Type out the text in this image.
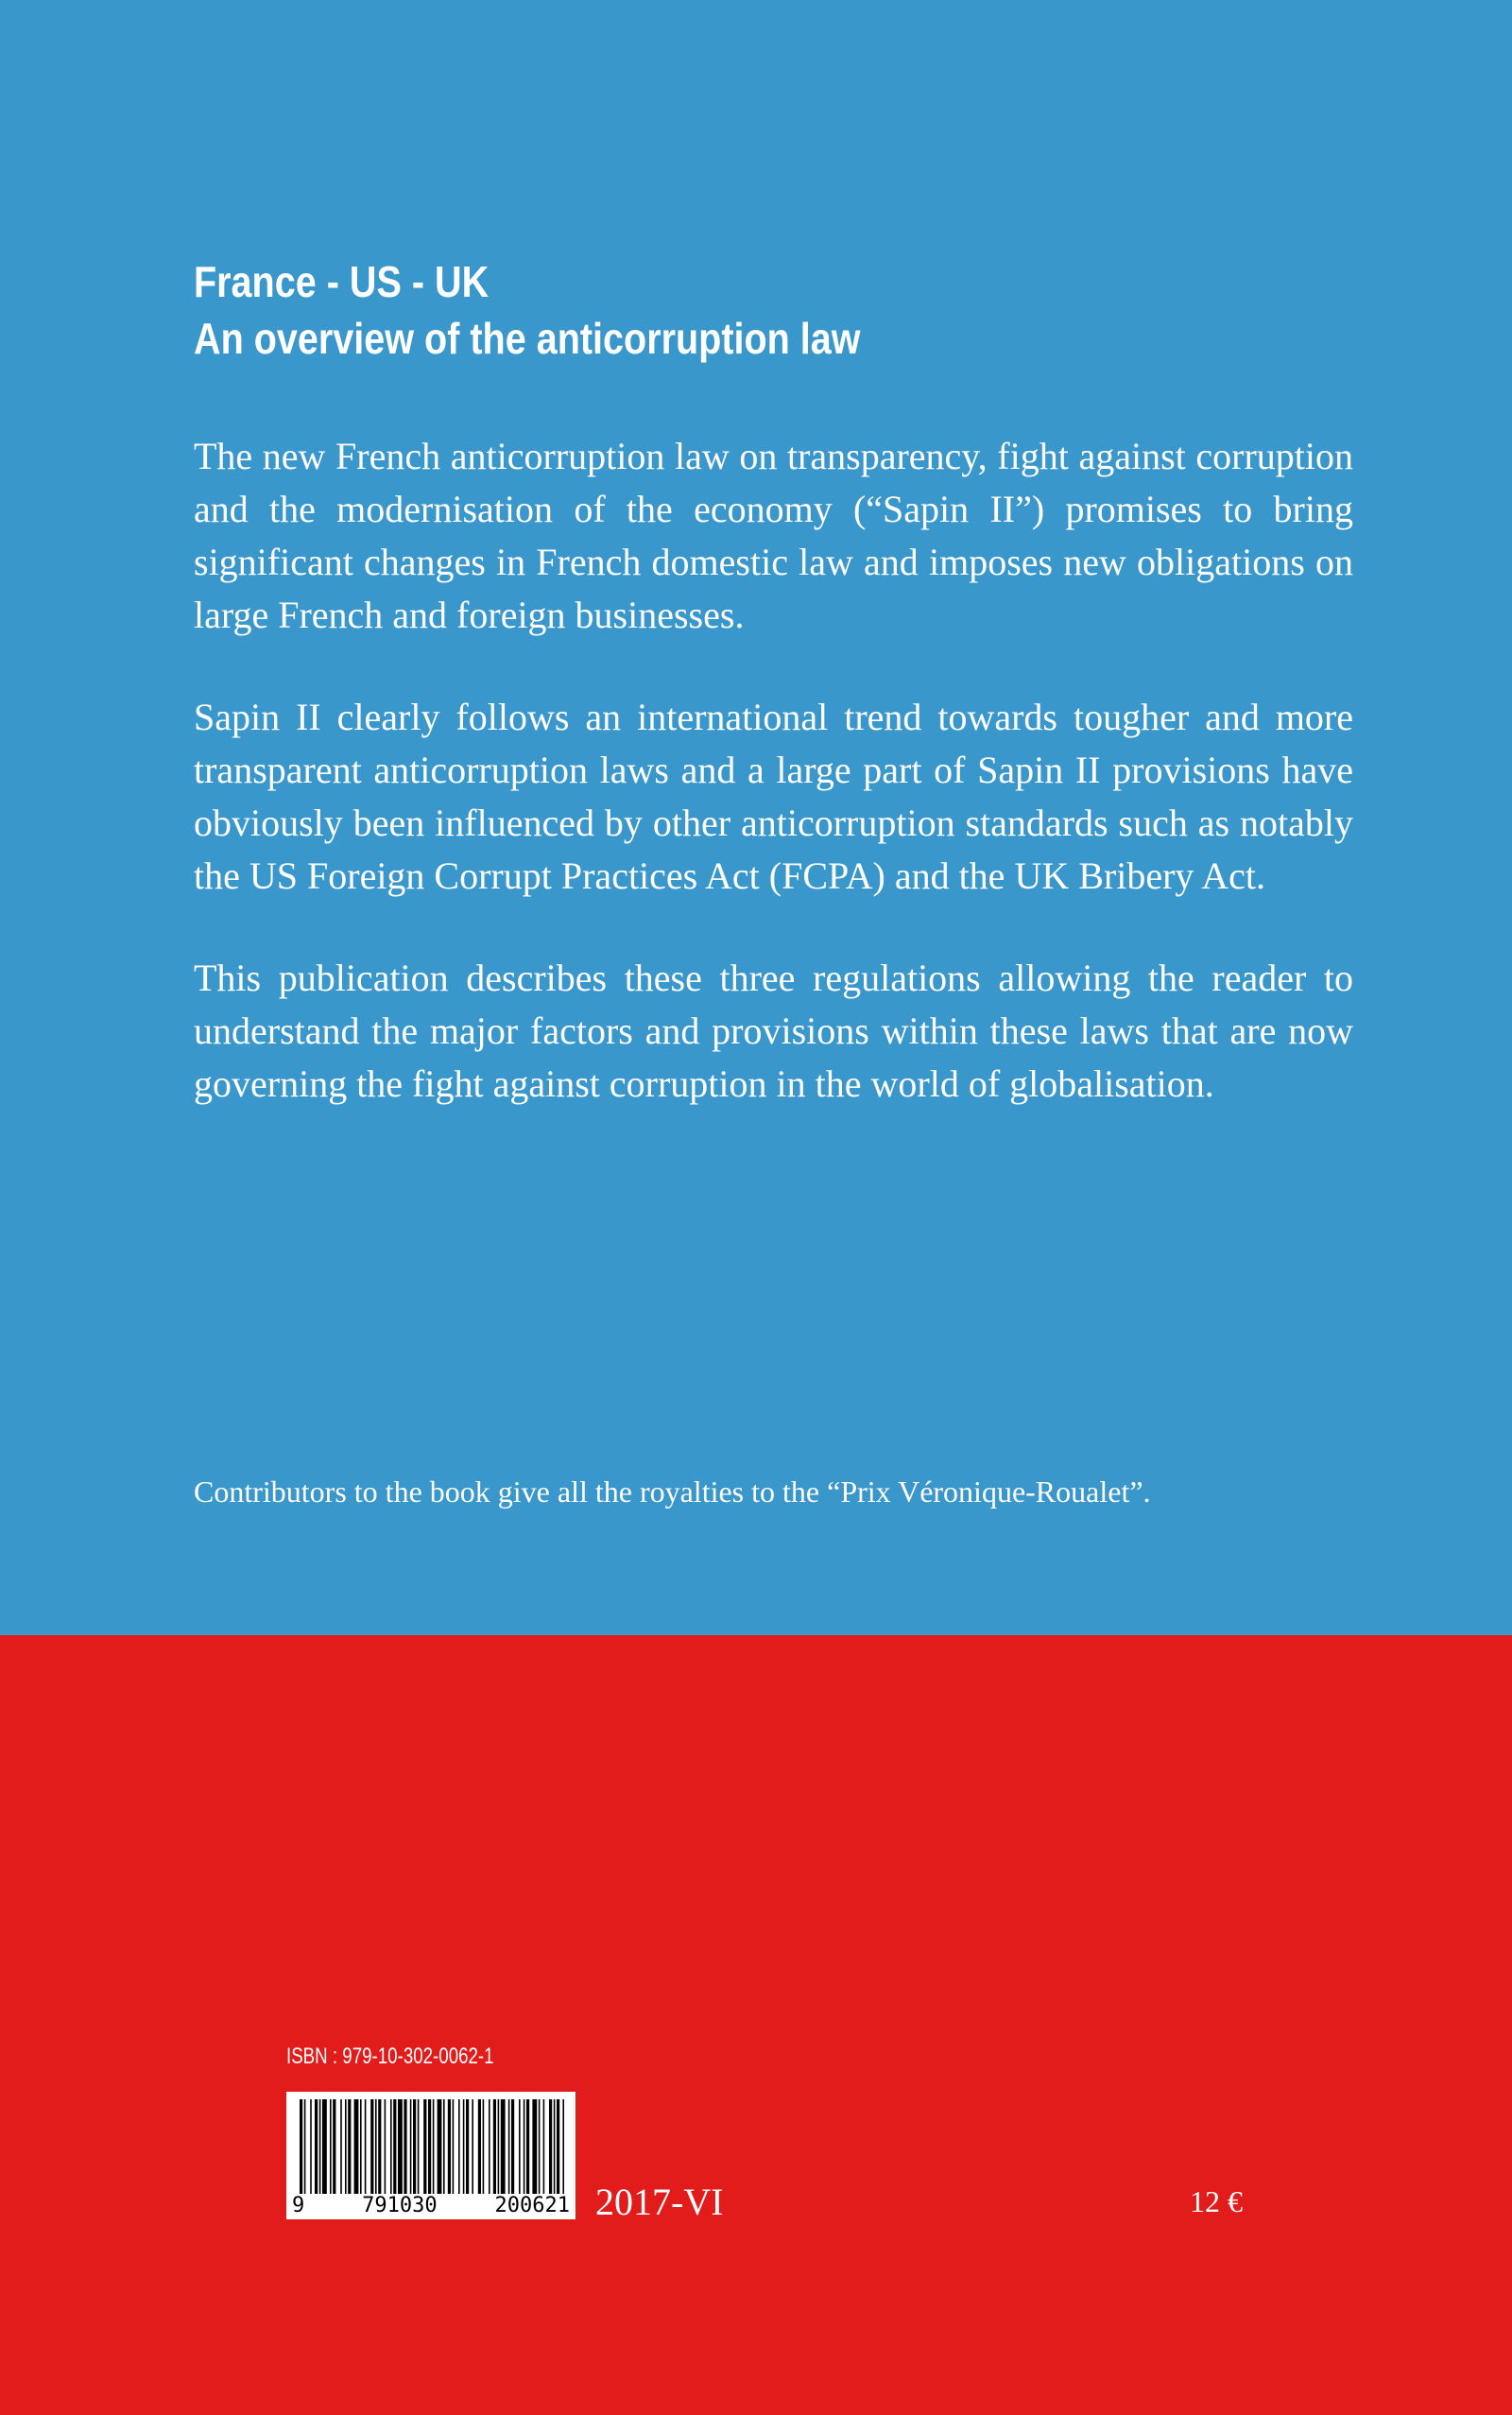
France - US - UK
An overview of the anticorruption law

The new French anticorruption law on transparency, fight against corruption and the modernisation of the economy (“Sapin II”) promises to bring significant changes in French domestic law and imposes new obligations on large French and foreign businesses.

Sapin II clearly follows an international trend towards tougher and more transparent anticorruption laws and a large part of Sapin II provisions have obviously been influenced by other anticorruption standards such as notably the US Foreign Corrupt Practices Act (FCPA) and the UK Bribery Act.

This publication describes these three regulations allowing the reader to understand the major factors and provisions within these laws that are now governing the fight against corruption in the world of globalisation.

Contributors to the book give all the royalties to the “Prix Véronique-Roualet”.
ISBN : 979-10-302-0062-1
9	791030	200621 2017-VI	12 €
